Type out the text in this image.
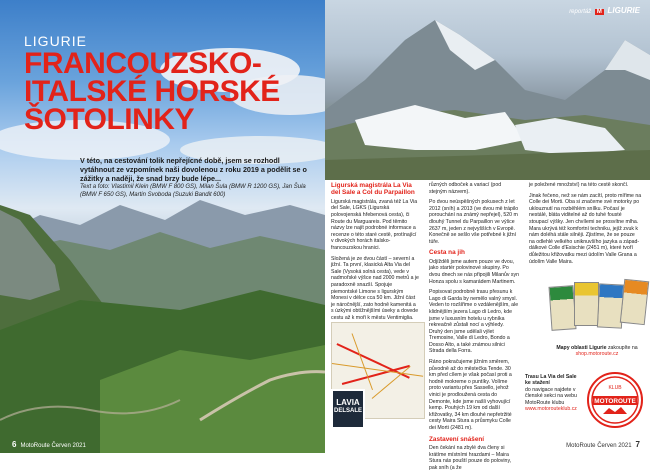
LIGURIE
FRANCOUZSKO-
ITALSKÉ HORSKÉ
ŠOTOLINKY
V této, na cestování tolik nepřejícné době, jsem se rozhodl vytáhnout ze vzpomínek naši dovolenou z roku 2019 a podělit se o zážitky a naději, že snad brzy bude lépe...
Text a foto: Vlastimil Klein (BMW F 800 GS), Milan Šula (BMW R 1200 GS), Jan Šula (BMW F 650 GS), Martin Svoboda (Suzuki Bandit 600)
6 MotoRoute Červen 2021
reportáž M LIGURIE
Ligurská magistrála La Via del Sale a Col du Parpaillon

Ligurská magistrála, zvaná též La Via del Sale, LGKS (Ligurská polovojenská hřebenová cesta), či Route du Marguareis. Pod těmito názvy lze najít podrobné informace a recenze o této staré cestě, protínající v divokých horách italsko-francouzskou hranici.

Složená je ze dvou částí – severní a jižní. Ta první, klasická Alta Via del Sale (Vysoká solná cesta), vede v nadmořské výšce nad 2000 metrů a je paradoxně snazší. Spojuje piemontské Limone s ligurským Monesi v délce cca 50 km. Jižní část je náročnější, zato hodně kamenitá a s úzkými obtížnějšími úseky a dovede cestu až k moři k městu Ventimiglia.

LAVIA
DELSALE

různých odboček a variací (pod stejným názvem).

Po dvou neúspěšných pokusech z let 2012 (sníh) a 2013 (ve dvou mě trápilo porouchání na známý nepřejel), 520 m dlouhý Tunnel du Parpaillon ve výšce 2637 m, jeden z nejvyšších v Evropě. Konečně se sešlo vše potřebné k jižní túře.

Cesta na jih

Odjížděli jsme autem pouze ve dvou, jako startér polovinové skupiny. Po dvou dnech se nás připojili Milanův syn Honza spolu s kamarádem Martinem.

Popisovat podrobně trasu přesunu k Lago di Garda by nemělo valný smysl. Veden to rozšířime o vzdálenějším, ale klidnějším jezera Lago di Ledro, kde jsme v luxusním hotelu u rybníka rekreačně zůstali nocí a výhledy. Druhý den jsme udělali výlet Tremosine, Valle di Ledro, Bondo a Dosso Alto, a také známou silnici Strada della Forra.

Ráno pokračujeme jižním směrem, původně až do městečka Tende. 30 km před cílem je však počasí proti a hodně mokreme o puntíky. Volíme proto variantu přes Sassello, jehož vinici je prodloužená cesta do Demonte, kde jsme našli vyhovující kemp. Pouhých 19 km od další křižovatky, 34 km dlouhé nepřetržité cesty Maira Stura a průsmyku Colle dei Morti (2481 m).

Zastavení snášení

Den čekání na zbylé dva členy si krátíme místními hrazdami – Maira Stura nás pouští pouze do poloviny, pak sníh (a že

je poležené množství) na této cestě skončí.

Jinak řečeno, než se nám zacítí, proto mířime na Colle dei Morti. Oba si značeme své motorky po uklouznutí na rozběhlém snílku. Počasí je nestálé, bláta viditelné až do tuhé fousté stoupací výšky. Jen chvílemi se prosvítne mlha. Mara ukrývá též komfortní techniku, jejíž zvuk k nám doléhá stále silněji. Zjistíme, že se pouze na odlehlé velkého uniknuvšího jazyka a západ-dálkové Colle d'Esischie (2451 m), které tvoří důležitou křižovatku mezi údolím Valle Grana a údolím Valle Maira.

Mapy oblasti Ligurie zakoupíte na shop.motoroute.cz
Trasu La Via del Sale ke stažení
do navigace najdete v členské sekci na webu MotoRoute klubu www.motorouteklub.cz
MOTOROUTE
KLUB
MotoRoute Červen 2021 7
